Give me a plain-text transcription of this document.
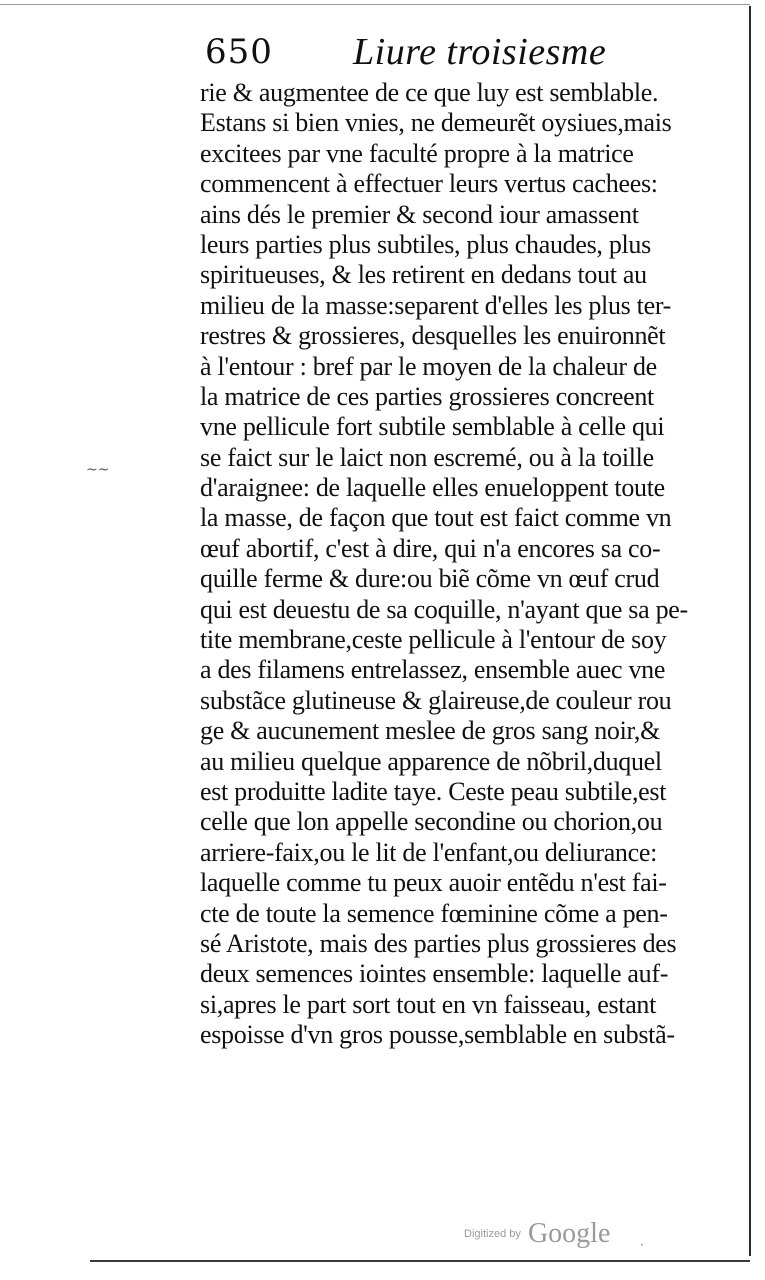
650 Liure troisiesme
~~
rie & augmentee de ce que luy est semblable.
Estans si bien vnies, ne demeurẽt oysiues,mais
excitees par vne faculté propre à la matrice
commencent à effectuer leurs vertus cachees:
ains dés le premier & second iour amassent
leurs parties plus subtiles, plus chaudes, plus
spiritueuses, & les retirent en dedans tout au
milieu de la masse:separent d'elles les plus ter-
restres & grossieres, desquelles les enuironnẽt
à l'entour : bref par le moyen de la chaleur de
la matrice de ces parties grossieres concreent
vne pellicule fort subtile semblable à celle qui
se faict sur le laict non escremé, ou à la toille
d'araignee: de laquelle elles enueloppent toute
la masse, de façon que tout est faict comme vn
œuf abortif, c'est à dire, qui n'a encores sa co-
quille ferme & dure:ou biẽ cõme vn œuf crud
qui est deuestu de sa coquille, n'ayant que sa pe-
tite membrane,ceste pellicule à l'entour de soy
a des filamens entrelassez, ensemble auec vne
substãce glutineuse & glaireuse,de couleur rou
ge & aucunement meslee de gros sang noir,&
au milieu quelque apparence de nõbril,duquel
est produitte ladite taye. Ceste peau subtile,est
celle que lon appelle secondine ou chorion,ou
arriere-faix,ou le lit de l'enfant,ou deliurance:
laquelle comme tu peux auoir entẽdu n'est fai-
cte de toute la semence fœminine cõme a pen-
sé Aristote, mais des parties plus grossieres des
deux semences iointes ensemble: laquelle auf-
si,apres le part sort tout en vn faisseau, estant
espoisse d'vn gros pousse,semblable en substã-
Digitized by Google ·
